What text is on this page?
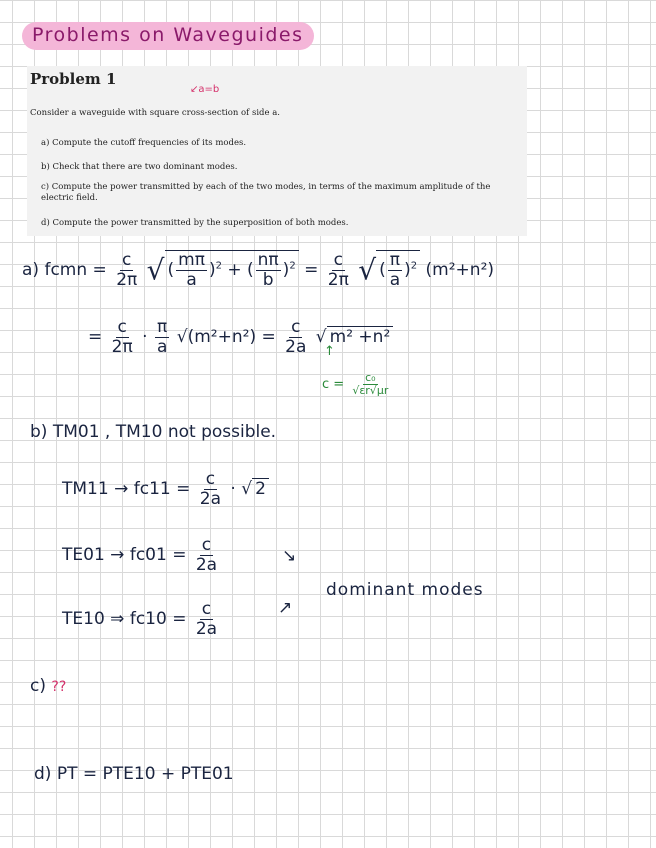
Problems on Waveguides
Problem 1
Consider a waveguide with square cross-section of side a.
a) Compute the cutoff frequencies of its modes.
b) Check that there are two dominant modes.
c) Compute the power transmitted by each of the two modes, in terms of the maximum amplitude of the electric field.
d) Compute the power transmitted by the superposition of both modes.
↙a=b
a) fcmn = $\frac{c}{2\pi}$ √ ( $\frac{m\pi}{a} )^2$ + ( $\frac{n\pi}{b} )^2 = \frac{c}{2\pi}$ √ ( $\frac{\pi}{a} )^2$ (m²+n²)
= $\frac{c}{2\pi} \cdot \frac{\pi}{a} √(m^2+n^2) = \frac{c}{2a}$ √ m² +n²
↑
$c = \frac{\text{c₀}}{√\varepsilon r√\mu r}$
b) TM01 , TM10 not possible.
$TM11 \to fc11 = \frac{c}{2a}$ · √ 2
$TE01 \to fc01 = \frac{c}{2a}$
TE10 ⇒ $fc10 = \frac{c}{2a}$
↘
↗
dominant modes
c) ??
d) PT = PTE10 + PTE01
